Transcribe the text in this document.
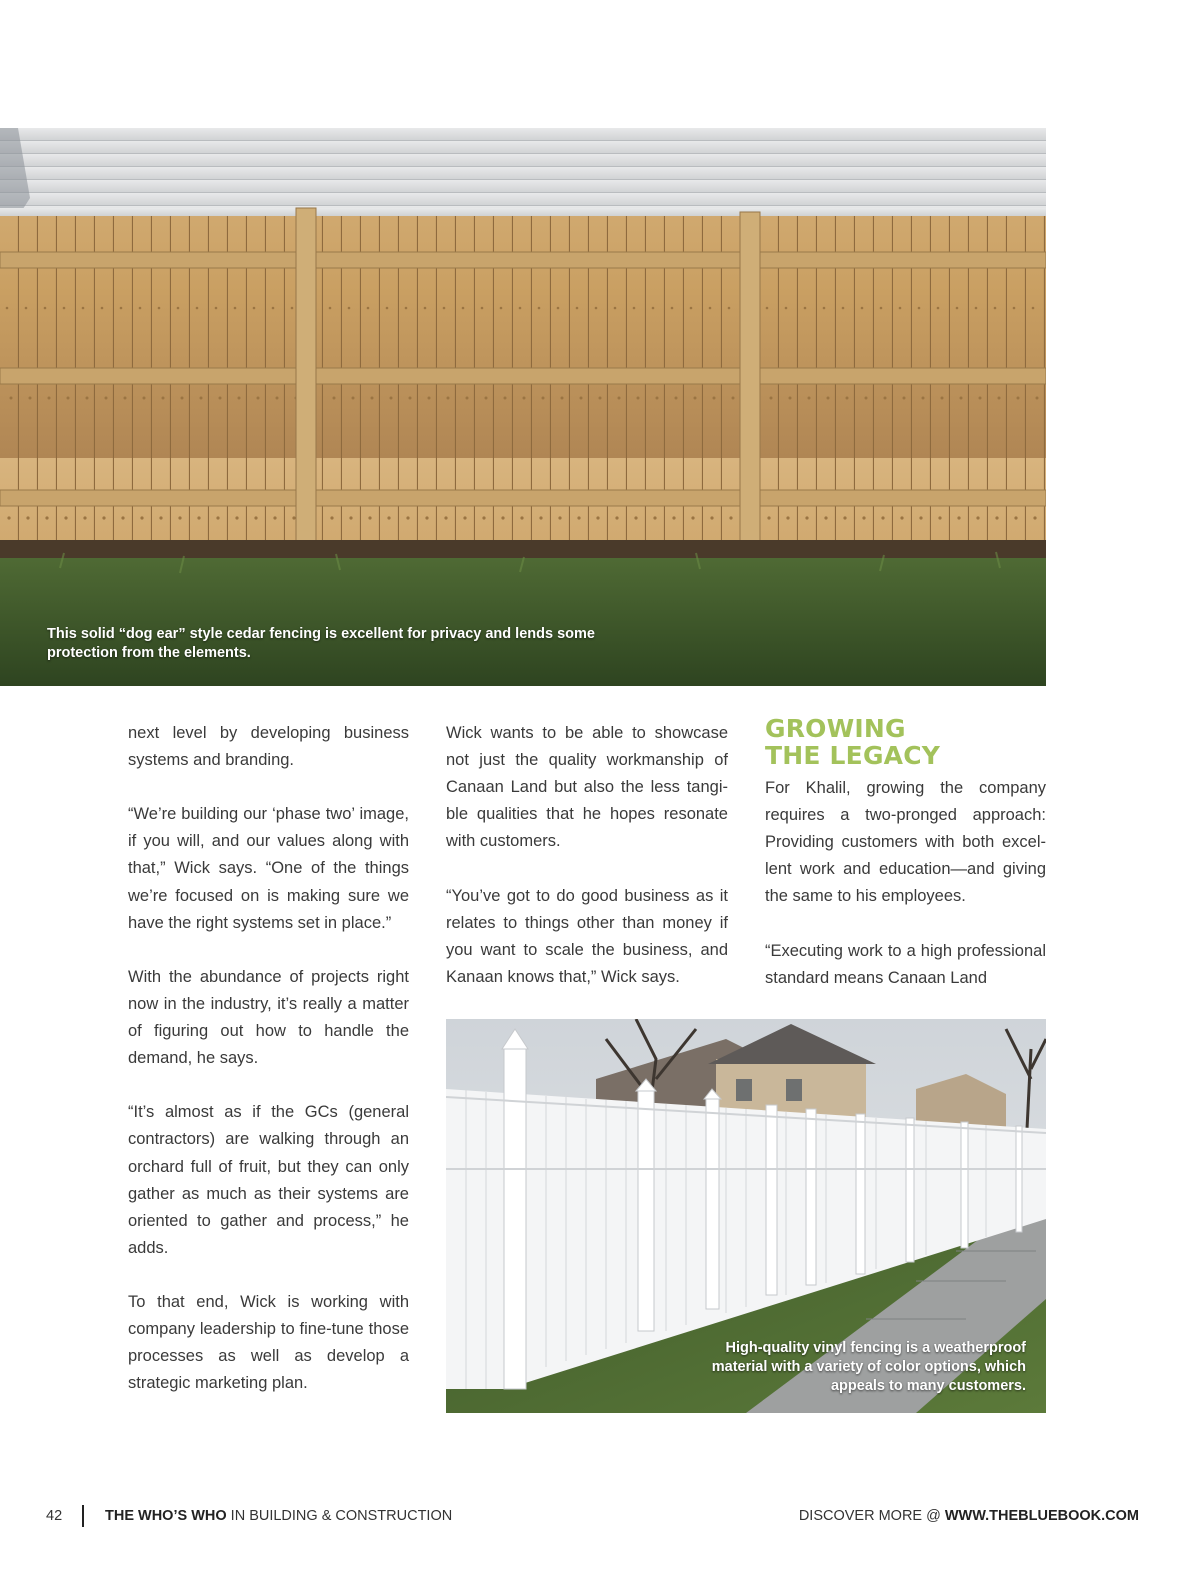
This solid “dog ear” style cedar fencing is excellent for privacy and lends some protection from the elements.

next level by developing business systems and branding.

“We’re building our ‘phase two’ image, if you will, and our values along with that,” Wick says. “One of the things we’re focused on is making sure we have the right systems set in place.”

With the abundance of projects right now in the industry, it’s really a matter of figuring out how to handle the demand, he says.

“It’s almost as if the GCs (general contractors) are walking through an orchard full of fruit, but they can only gather as much as their systems are oriented to gather and process,” he adds.

To that end, Wick is working with company leadership to fine-tune those processes as well as develop a strategic marketing plan.

Wick wants to be able to showcase not just the quality workmanship of Canaan Land but also the less tangible qualities that he hopes resonate with customers.

“You’ve got to do good business as it relates to things other than money if you want to scale the business, and Kanaan knows that,” Wick says.

GROWING
THE LEGACY

For Khalil, growing the company requires a two-pronged approach: Providing customers with both excellent work and education—and giving the same to his employees.

“Executing work to a high professional standard means Canaan Land

High-quality vinyl fencing is a weatherproof material with a variety of color options, which appeals to many customers.
42	THE WHO’S WHO IN BUILDING & CONSTRUCTION	DISCOVER MORE @ WWW.THEBLUEBOOK.COM
